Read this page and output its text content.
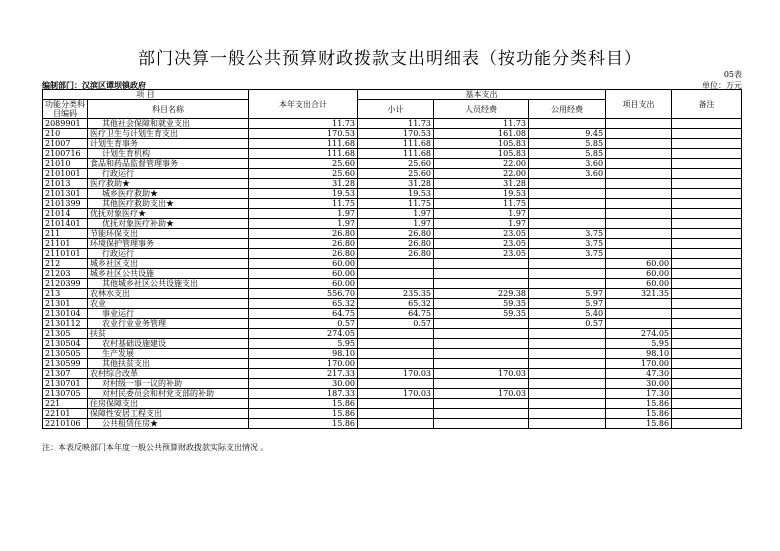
部门决算一般公共预算财政拨款支出明细表（按功能分类科目）
05表
编制部门：汉滨区谭坝镇政府	单位：万元
项 目		本年支出合计	基本支出			项目支出	备注
功能分类科目编码	科目名称		小计	人员经费	公用经费		

2089901	其他社会保障和就业支出	11.73	11.73	11.73			
210	医疗卫生与计划生育支出	170.53	170.53	161.08	9.45		
21007	计划生育事务	111.68	111.68	105.83	5.85		
2100716	计划生育机构	111.68	111.68	105.83	5.85		
21010	食品和药品监督管理事务	25.60	25.60	22.00	3.60		
2101001	行政运行	25.60	25.60	22.00	3.60		
21013	医疗救助★	31.28	31.28	31.28			
2101301	城乡医疗救助★	19.53	19.53	19.53			
2101399	其他医疗救助支出★	11.75	11.75	11.75			
21014	优抚对象医疗★	1.97	1.97	1.97			
2101401	优抚对象医疗补助★	1.97	1.97	1.97			
211	节能环保支出	26.80	26.80	23.05	3.75		
21101	环境保护管理事务	26.80	26.80	23.05	3.75		
2110101	行政运行	26.80	26.80	23.05	3.75		
212	城乡社区支出	60.00				60.00	
21203	城乡社区公共设施	60.00				60.00	
2120399	其他城乡社区公共设施支出	60.00				60.00	
213	农林水支出	556.70	235.35	229.38	5.97	321.35	
21301	农业	65.32	65.32	59.35	5.97		
2130104	事业运行	64.75	64.75	59.35	5.40		
2130112	农业行业业务管理	0.57	0.57		0.57		
21305	扶贫	274.05				274.05	
2130504	农村基础设施建设	5.95				5.95	
2130505	生产发展	98.10				98.10	
2130599	其他扶贫支出	170.00				170.00	
21307	农村综合改革	217.33	170.03	170.03		47.30	
2130701	对村级一事一议的补助	30.00				30.00	
2130705	对村民委员会和村党支部的补助	187.33	170.03	170.03		17.30	
221	住房保障支出	15.86				15.86	
22101	保障性安居工程支出	15.86				15.86	
2210106	公共租赁住房★	15.86				15.86	
注：本表反映部门本年度一般公共预算财政拨款实际支出情况 。
